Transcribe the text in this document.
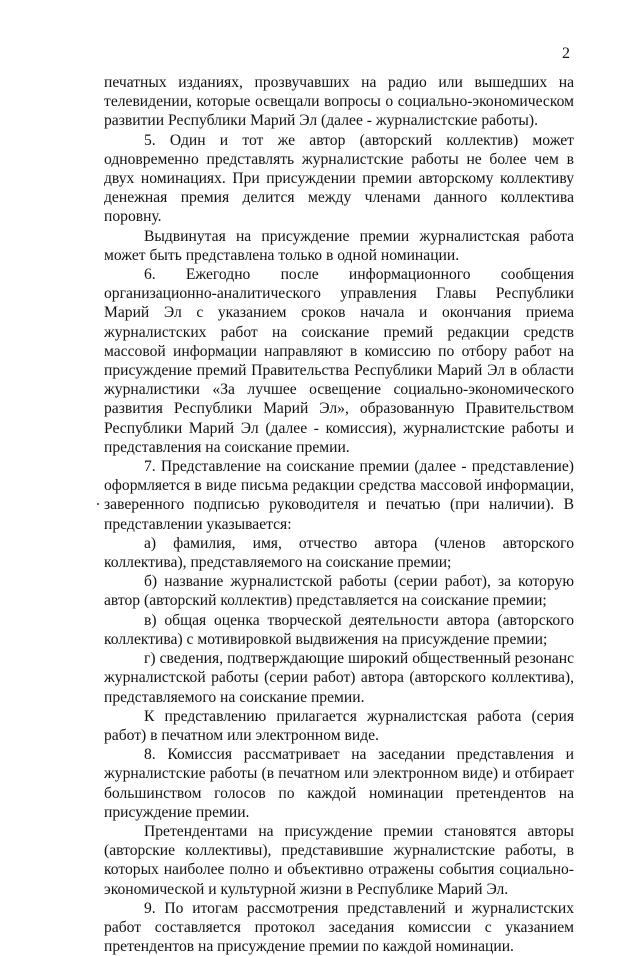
2

печатных изданиях, прозвучавших на радио или вышедших на телевидении, которые освещали вопросы о социально-экономическом развитии Республики Марий Эл (далее - журналистские работы).

5. Один и тот же автор (авторский коллектив) может одновременно представлять журналистские работы не более чем в двух номинациях. При присуждении премии авторскому коллективу денежная премия делится между членами данного коллектива поровну.

Выдвинутая на присуждение премии журналистская работа может быть представлена только в одной номинации.

6. Ежегодно после информационного сообщения организационно-аналитического управления Главы Республики Марий Эл с указанием сроков начала и окончания приема журналистских работ на соискание премий редакции средств массовой информации направляют в комиссию по отбору работ на присуждение премий Правительства Республики Марий Эл в области журналистики «За лучшее освещение социально-экономического развития Республики Марий Эл», образованную Правительством Республики Марий Эл (далее - комиссия), журналистские работы и представления на соискание премии.

7. Представление на соискание премии (далее - представление) оформляется в виде письма редакции средства массовой информации, заверенного подписью руководителя и печатью (при наличии). В представлении указывается:

а) фамилия, имя, отчество автора (членов авторского коллектива), представляемого на соискание премии;

б) название журналистской работы (серии работ), за которую автор (авторский коллектив) представляется на соискание премии;

в) общая оценка творческой деятельности автора (авторского коллектива) с мотивировкой выдвижения на присуждение премии;

г) сведения, подтверждающие широкий общественный резонанс журналистской работы (серии работ) автора (авторского коллектива), представляемого на соискание премии.

К представлению прилагается журналистская работа (серия работ) в печатном или электронном виде.

8. Комиссия рассматривает на заседании представления и журналистские работы (в печатном или электронном виде) и отбирает большинством голосов по каждой номинации претендентов на присуждение премии.

Претендентами на присуждение премии становятся авторы (авторские коллективы), представившие журналистские работы, в которых наиболее полно и объективно отражены события социально-экономической и культурной жизни в Республике Марий Эл.

9. По итогам рассмотрения представлений и журналистских работ составляется протокол заседания комиссии с указанием претендентов на присуждение премии по каждой номинации.
